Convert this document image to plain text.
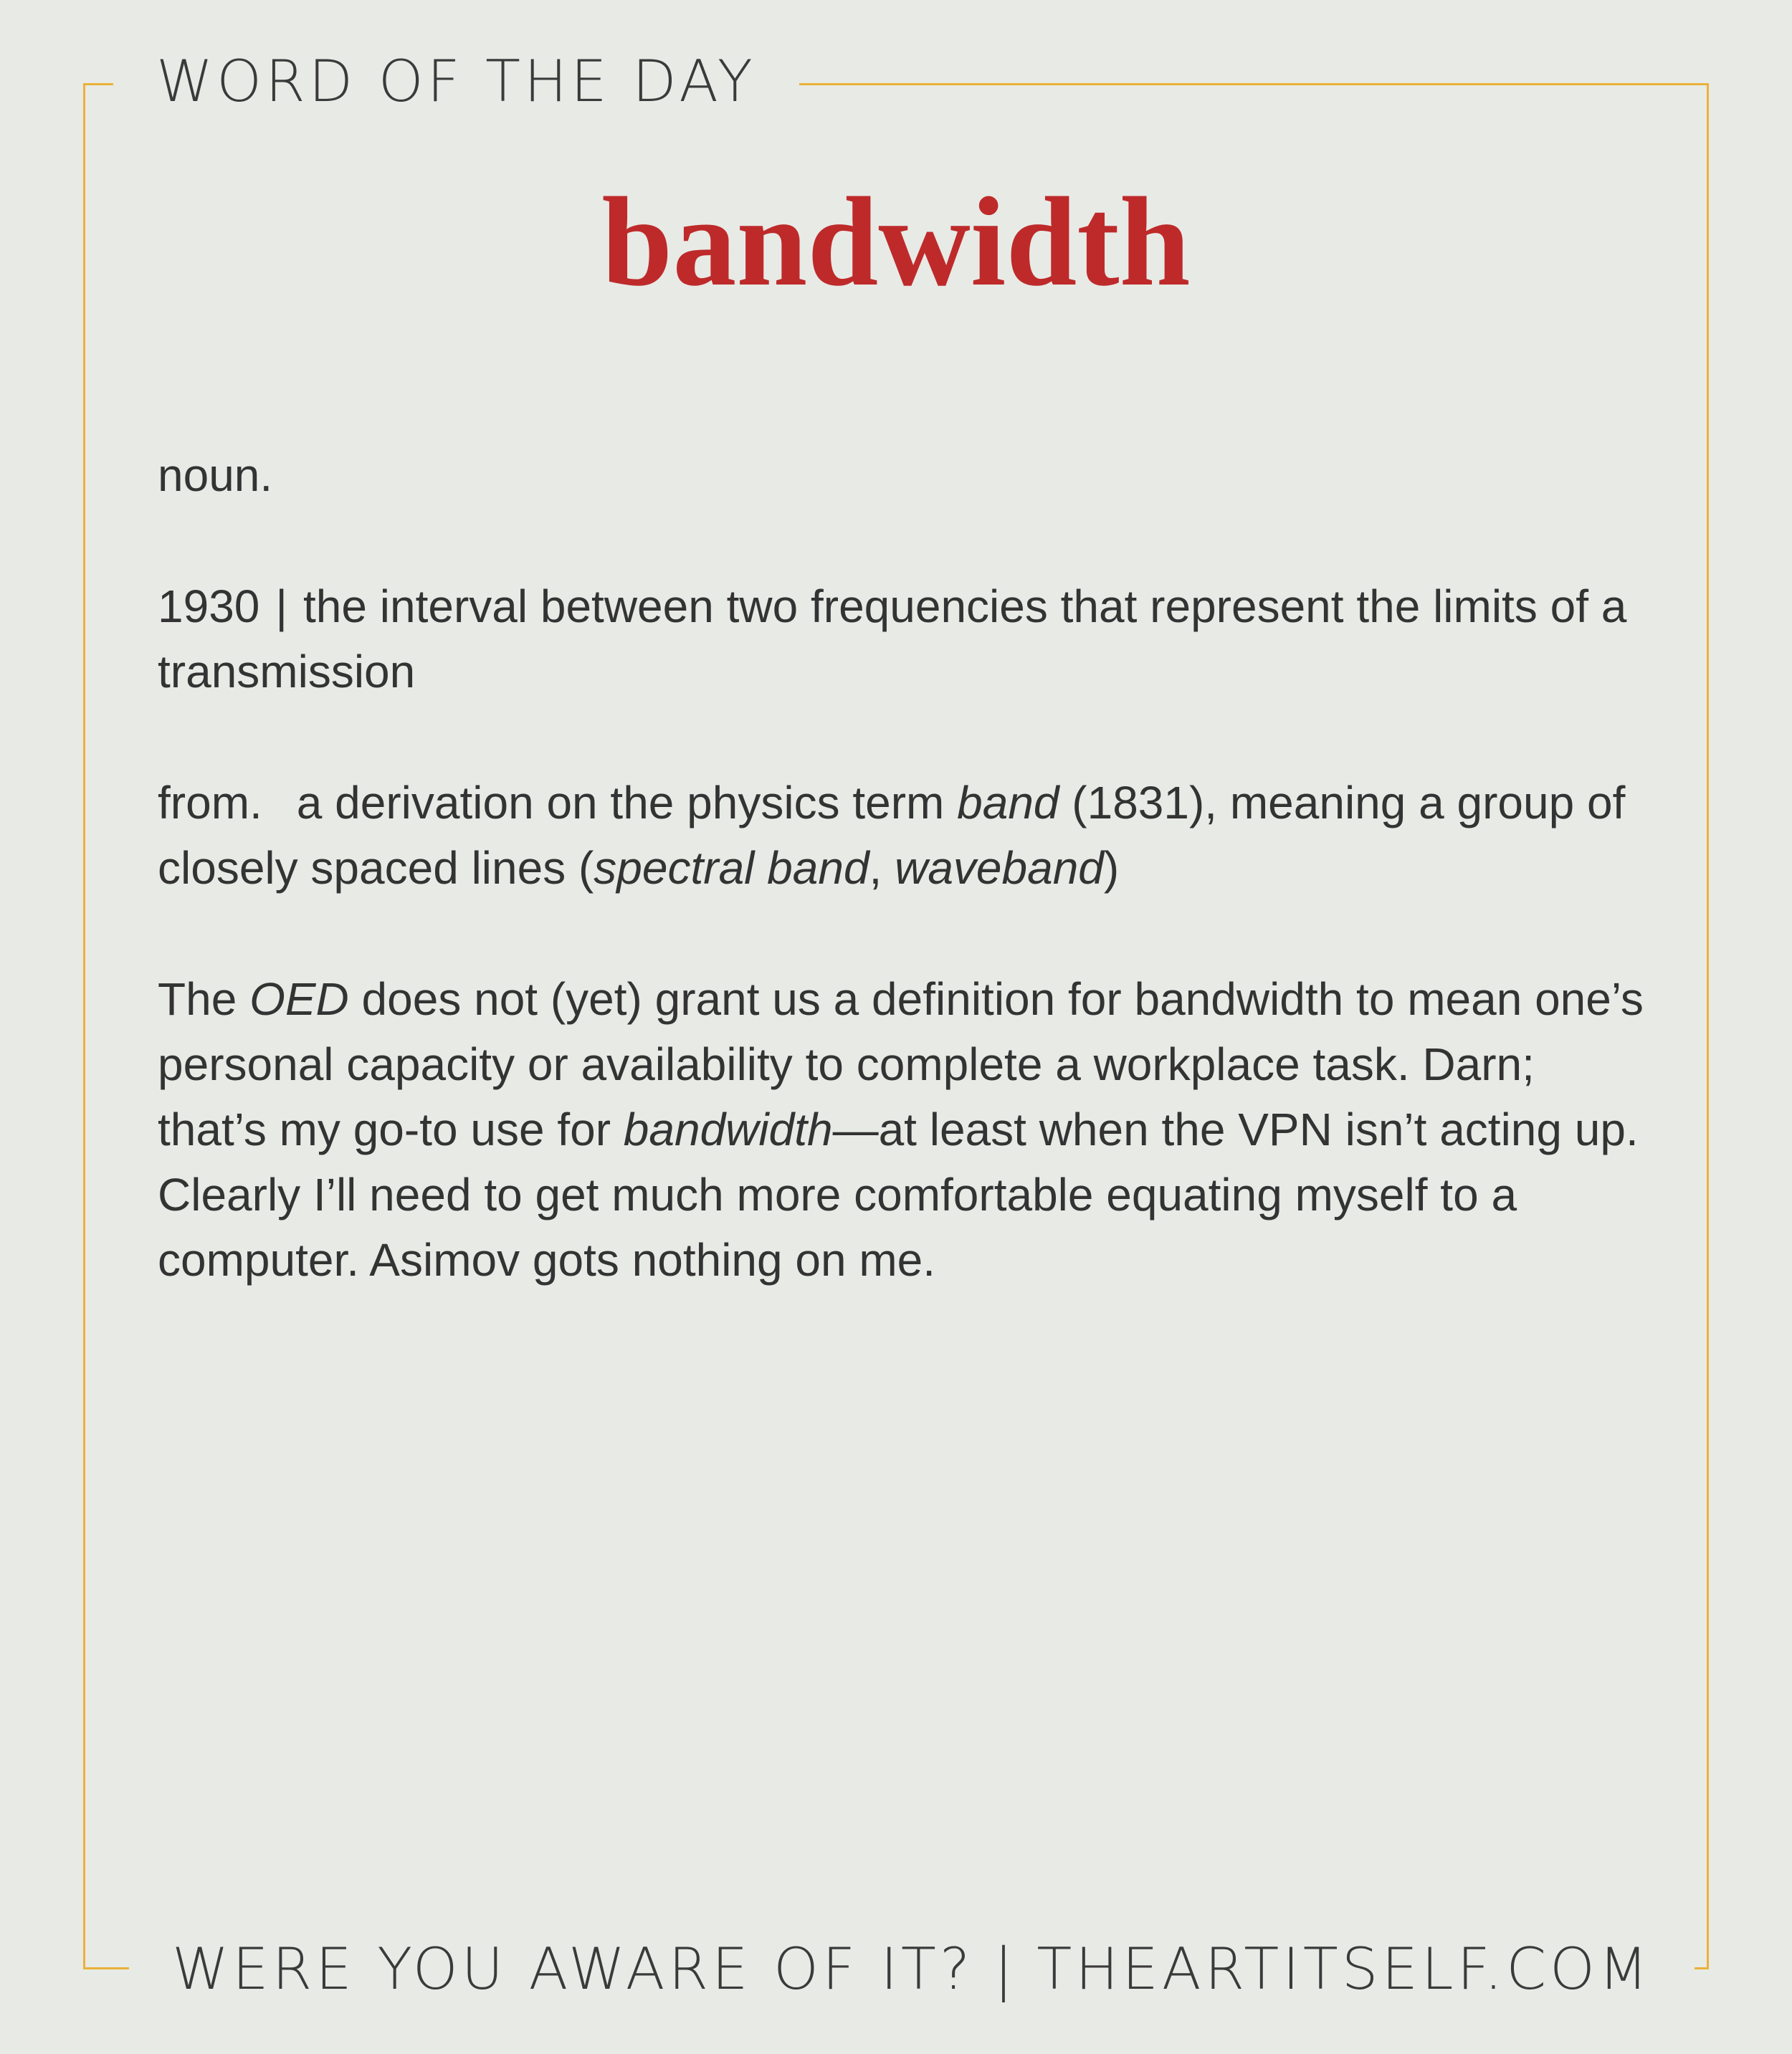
WORD OF THE DAY
bandwidth

noun.

1930 | the interval between two frequencies that represent the limits of a transmission

from. a derivation on the physics term band (1831), meaning a group of closely spaced lines (spectral band, waveband)

The OED does not (yet) grant us a definition for bandwidth to mean one’s personal capacity or availability to complete a workplace task. Darn; that’s my go-to use for bandwidth—at least when the VPN isn’t acting up. Clearly I’ll need to get much more comfortable equating myself to a computer. Asimov gots nothing on me.

WERE YOU AWARE OF IT? | THEARTITSELF.COM
